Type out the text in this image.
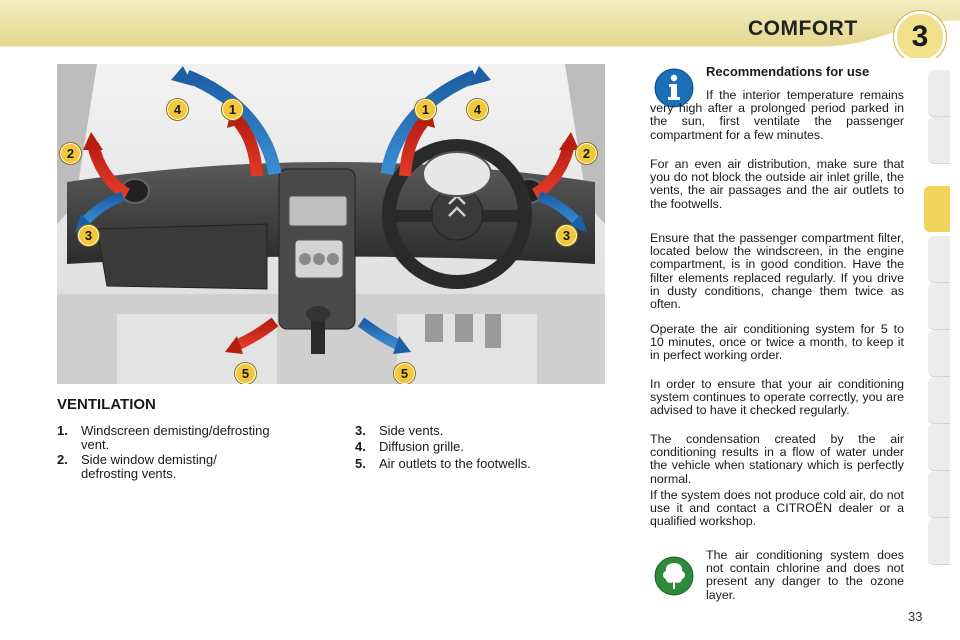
COMFORT	3
4	1	1	4
2	2
3	3
5	5
VENTILATION
1. Windscreen demisting/defrosting
vent.
2. Side window demisting/
defrosting vents.
3. Side vents.
4. Diffusion grille.
5. Air outlets to the footwells.
Recommendations for use

If the interior temperature remains very high after a prolonged period parked in the sun, first ventilate the passenger compartment for a few minutes.

For an even air distribution, make sure that you do not block the outside air inlet grille, the vents, the air passages and the air outlets to the footwells.

Ensure that the passenger compartment filter, located below the windscreen, in the engine compartment, is in good condition. Have the filter elements replaced regularly. If you drive in dusty conditions, change them twice as often.

Operate the air conditioning system for 5 to 10 minutes, once or twice a month, to keep it in perfect working order.

In order to ensure that your air conditioning system continues to operate correctly, you are advised to have it checked regularly.

The condensation created by the air conditioning results in a flow of water under the vehicle when stationary which is perfectly normal.

If the system does not produce cold air, do not use it and contact a CITROËN dealer or a qualified workshop.

The air conditioning system does not contain chlorine and does not present any danger to the ozone layer.

33
